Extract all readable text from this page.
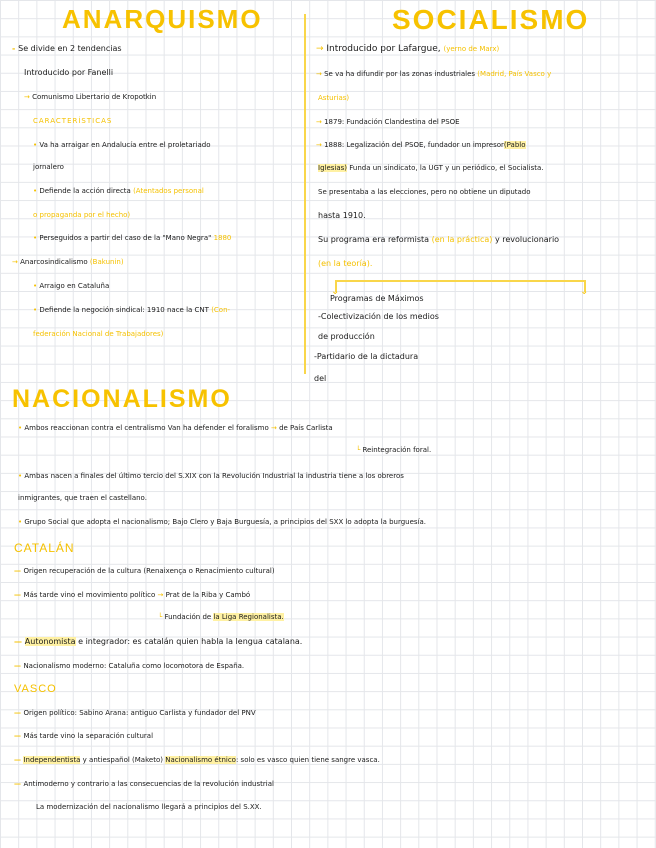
ANARQUISMO

- Se divide en 2 tendencias

Introducido por Fanelli

→ Comunismo Libertario de Kropotkin

CARACTERÍSTICAS

• Va ha arraigar en Andalucía entre el proletariado

jornalero

• Defiende la acción directa (Atentados personal

o propaganda por el hecho)

• Perseguidos a partir del caso de la "Mano Negra" 1880

→ Anarcosindicalismo (Bakunin)

• Arraigo en Cataluña

• Defiende la negoción sindical: 1910 nace la CNT (Con-

federación Nacional de Trabajadores)

SOCIALISMO

→ Introducido por Lafargue, (yerno de Marx)

→ Se va ha difundir por las zonas industriales (Madrid, País Vasco y

Asturias)

→ 1879: Fundación Clandestina del PSOE

→ 1888: Legalización del PSOE, fundador un impresor(Pablo

Iglesias) Funda un sindicato, la UGT y un periódico, el Socialista.

Se presentaba a las elecciones, pero no obtiene un diputado

hasta 1910.

Su programa era reformista (en la práctica) y revolucionario

(en la teoría).

⌄	⌄

Programas de Máximos

-Colectivización de los medios

de producción

-Partidario de la dictadura

del

NACIONALISMO

• Ambos reaccionan contra el centralismo Van ha defender el foralismo → de País Carlista

└ Reintegración foral.

• Ambas nacen a finales del último tercio del S.XIX con la Revolución Industrial la industria tiene a los obreros

inmigrantes, que traen el castellano.

• Grupo Social que adopta el nacionalismo; Bajo Clero y Baja Burguesía, a principios del SXX lo adopta la burguesía.

CATALÁN

— Origen recuperación de la cultura (Renaixença o Renacimiento cultural)

— Más tarde vino el movimiento político → Prat de la Riba y Cambó

└ Fundación de la Liga Regionalista.

— Autonomista e integrador: es catalán quien habla la lengua catalana.

— Nacionalismo moderno: Cataluña como locomotora de España.

VASCO

— Origen político: Sabino Arana: antiguo Carlista y fundador del PNV

— Más tarde vino la separación cultural

— Independentista y antiespañol (Maketo) Nacionalismo étnico: solo es vasco quien tiene sangre vasca.

— Antimoderno y contrario a las consecuencias de la revolución industrial

La modernización del nacionalismo llegará a principios del S.XX.
